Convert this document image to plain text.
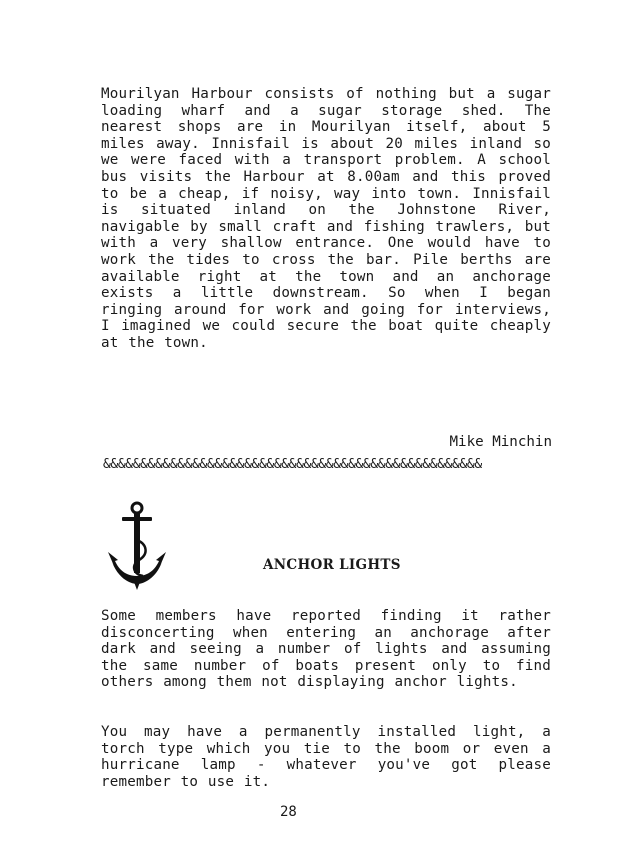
Mourilyan Harbour consists of nothing but a sugar loading wharf and a sugar storage shed. The nearest shops are in Mourilyan itself, about 5 miles away. Innisfail is about 20 miles inland so we were faced with a transport problem. A school bus visits the Harbour at 8.00am and this proved to be a cheap, if noisy, way into town. Innisfail is situated inland on the Johnstone River, navigable by small craft and fishing trawlers, but with a very shallow entrance. One would have to work the tides to cross the bar. Pile berths are available right at the town and an anchorage exists a little downstream. So when I began ringing around for work and going for interviews, I imagined we could secure the boat quite cheaply at the town.

Mike Minchin

&&&&&&&&&&&&&&&&&&&&&&&&&&&&&&&&&&&&&&&&&&&&&&&&&&&

ANCHOR LIGHTS

Some members have reported finding it rather disconcerting when entering an anchorage after dark and seeing a number of lights and assuming the same number of boats present only to find others among them not displaying anchor lights.

You may have a permanently installed light, a torch type which you tie to the boom or even a hurricane lamp - whatever you've got please remember to use it.

28
